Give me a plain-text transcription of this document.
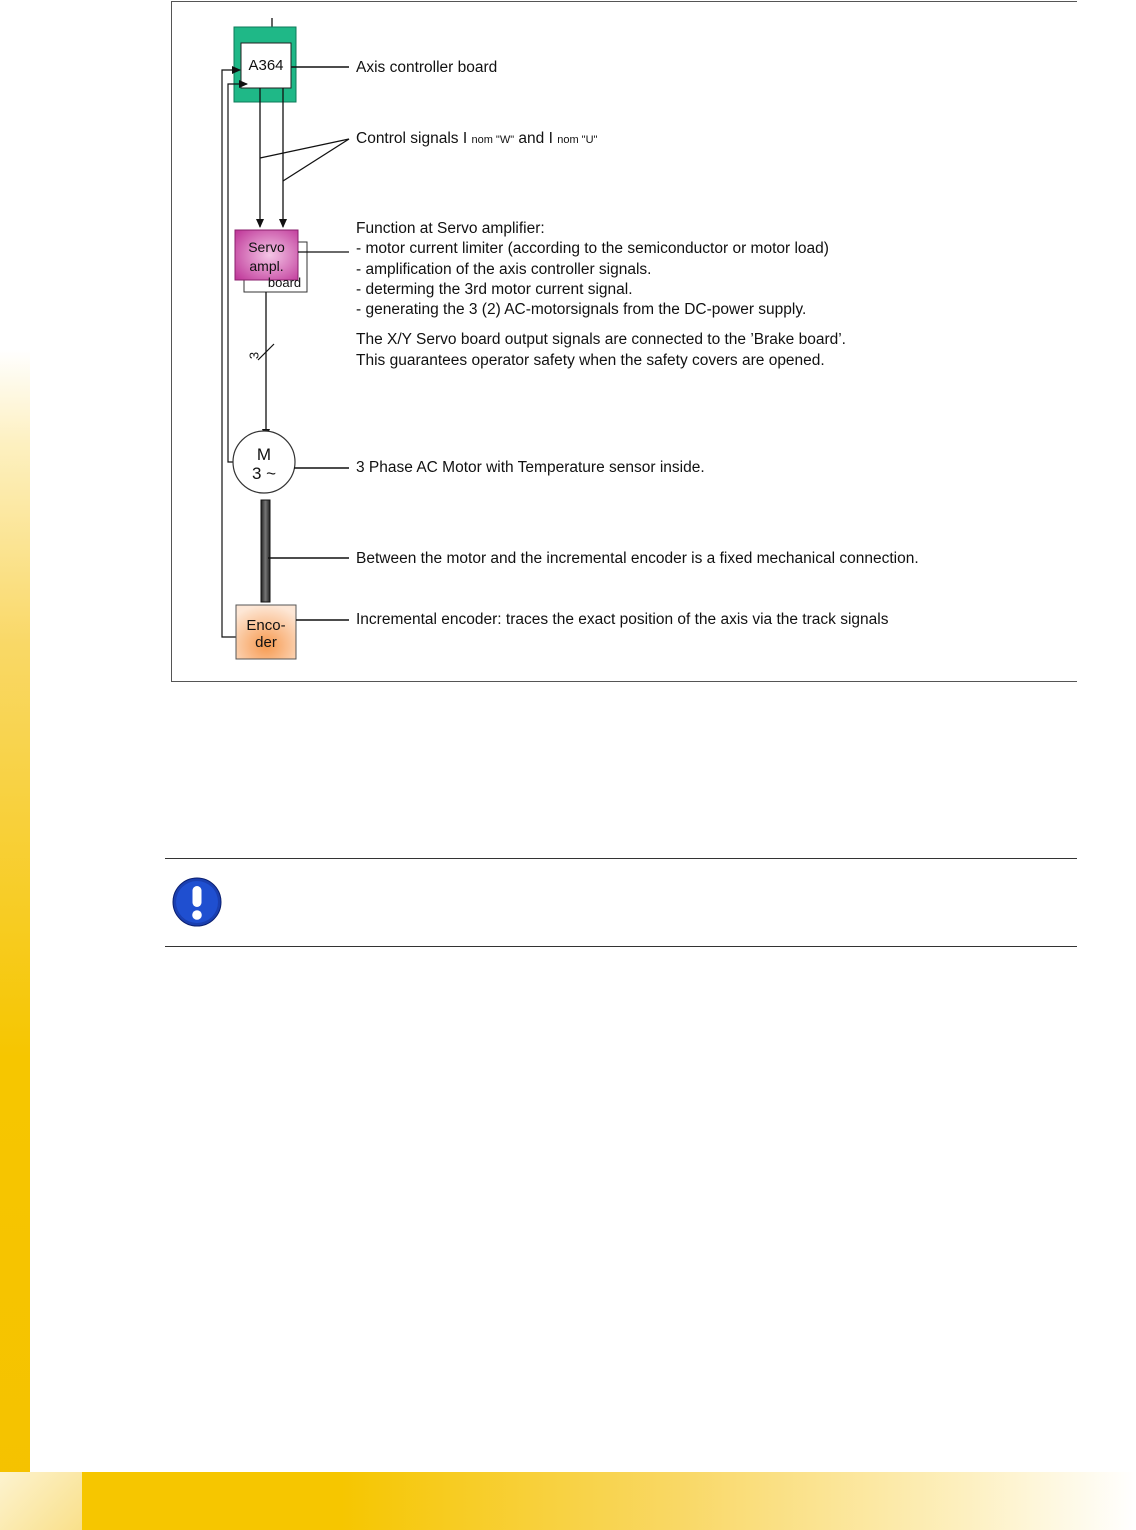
A364
Servo
ampl.
board
M
3 ~
Enco-
der
3
Axis controller board
Control signals I nom "W" and I nom "U"
Function at Servo amplifier:
- motor current limiter (according to the semiconductor or motor load)
- amplification of the axis controller signals.
- determing the 3rd motor current signal.
- generating the 3 (2) AC-motorsignals from the DC-power supply.
The X/Y Servo board output signals are connected to the ’Brake board’.
This guarantees operator safety when the safety covers are opened.
3 Phase AC Motor with Temperature sensor inside.
Between the motor and the incremental encoder is a fixed mechanical connection.
Incremental encoder: traces the exact position of the axis via the track signals
